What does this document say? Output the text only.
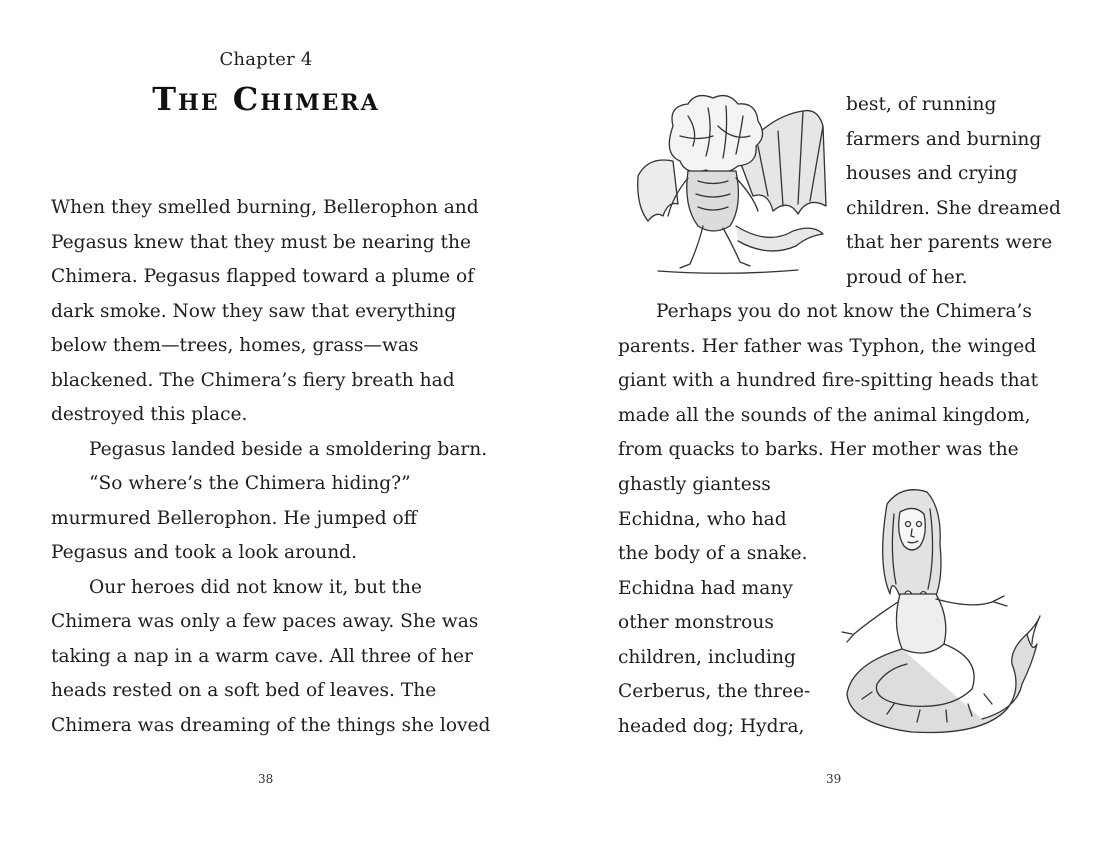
Chapter 4
The Chimera

When they smelled burning, Bellerophon and

Pegasus knew that they must be nearing the

Chimera. Pegasus flapped toward a plume of

dark smoke. Now they saw that everything

below them—trees, homes, grass—was

blackened. The Chimera’s fiery breath had

destroyed this place.

Pegasus landed beside a smoldering barn.

“So where’s the Chimera hiding?”

murmured Bellerophon. He jumped off

Pegasus and took a look around.

Our heroes did not know it, but the

Chimera was only a few paces away. She was

taking a nap in a warm cave. All three of her

heads rested on a soft bed of leaves. The

Chimera was dreaming of the things she loved

38

best, of running

farmers and burning

houses and crying

children. She dreamed

that her parents were

proud of her.

Perhaps you do not know the Chimera’s

parents. Her father was Typhon, the winged

giant with a hundred fire-spitting heads that

made all the sounds of the animal kingdom,

from quacks to barks. Her mother was the

ghastly giantess

Echidna, who had

the body of a snake.

Echidna had many

other monstrous

children, including

Cerberus, the three-

headed dog; Hydra,

39
